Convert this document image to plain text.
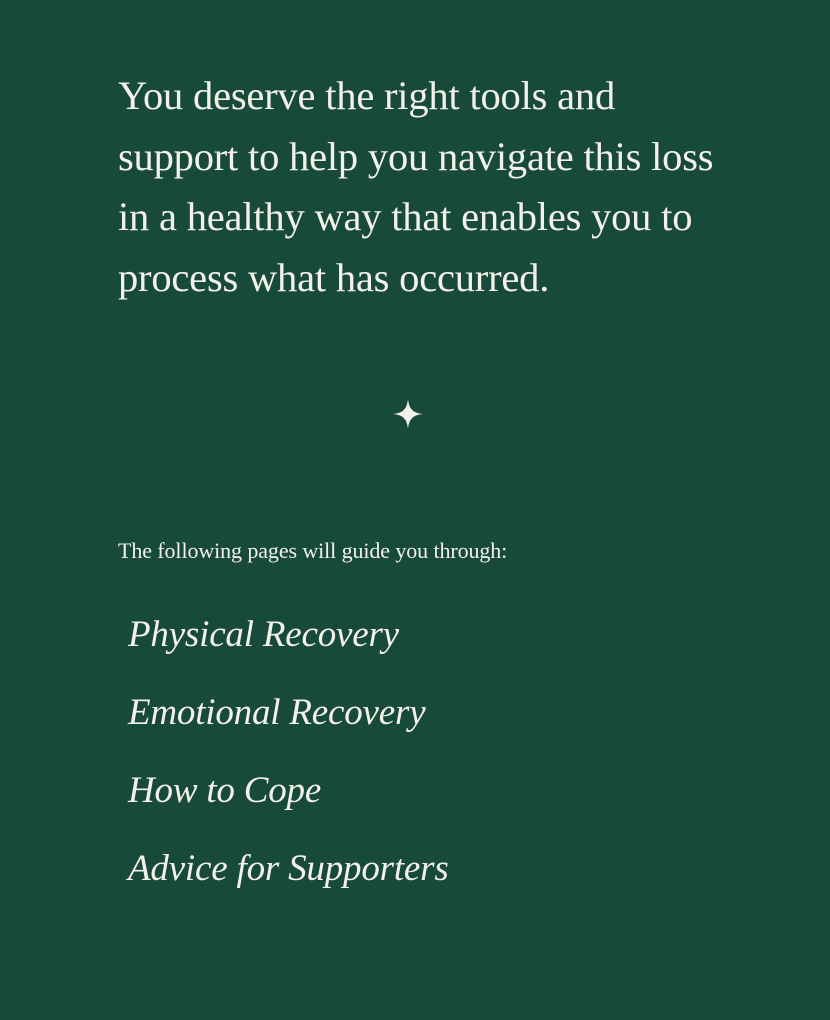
You deserve the right tools and support to help you navigate this loss in a healthy way that enables you to process what has occurred.
The following pages will guide you through:
Physical Recovery
Emotional Recovery
How to Cope
Advice for Supporters
